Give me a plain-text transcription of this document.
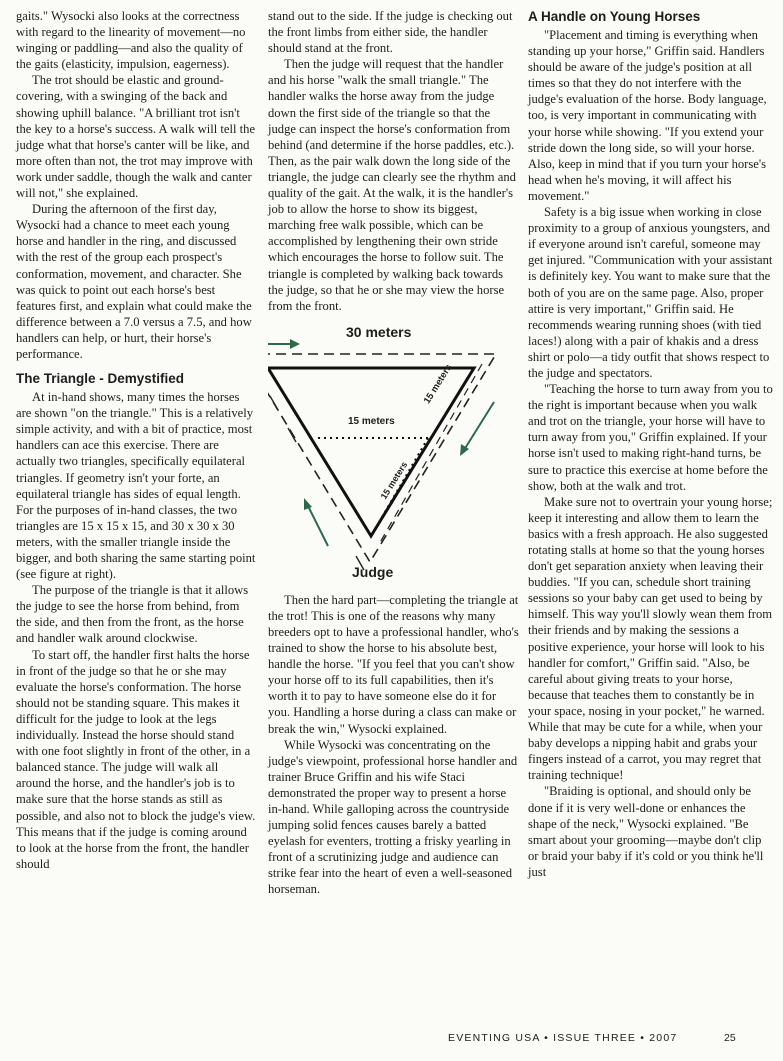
gaits." Wysocki also looks at the correctness with regard to the linearity of movement—no winging or paddling—and also the quality of the gaits (elasticity, impulsion, eagerness).

The trot should be elastic and ground-covering, with a swinging of the back and showing uphill balance. "A brilliant trot isn't the key to a horse's success. A walk will tell the judge what that horse's canter will be like, and more often than not, the trot may improve with work under saddle, though the walk and canter will not," she explained.

During the afternoon of the first day, Wysocki had a chance to meet each young horse and handler in the ring, and discussed with the rest of the group each prospect's conformation, movement, and character. She was quick to point out each horse's best features first, and explain what could make the difference between a 7.0 versus a 7.5, and how handlers can help, or hurt, their horse's performance.

The Triangle - Demystified

At in-hand shows, many times the horses are shown "on the triangle." This is a relatively simple activity, and with a bit of practice, most handlers can ace this exercise. There are actually two triangles, specifically equilateral triangles. If geometry isn't your forte, an equilateral triangle has sides of equal length. For the purposes of in-hand classes, the two triangles are 15 x 15 x 15, and 30 x 30 x 30 meters, with the smaller triangle inside the bigger, and both sharing the same starting point (see figure at right).

The purpose of the triangle is that it allows the judge to see the horse from behind, from the side, and then from the front, as the horse and handler walk around clockwise.

To start off, the handler first halts the horse in front of the judge so that he or she may evaluate the horse's conformation. The horse should not be standing square. This makes it difficult for the judge to look at the legs individually. Instead the horse should stand with one foot slightly in front of the other, in a balanced stance. The judge will walk all around the horse, and the handler's job is to make sure that the horse stands as still as possible, and also not to block the judge's view. This means that if the judge is coming around to look at the horse from the front, the handler should

stand out to the side. If the judge is checking out the front limbs from either side, the handler should stand at the front.

Then the judge will request that the handler and his horse "walk the small triangle." The handler walks the horse away from the judge down the first side of the triangle so that the judge can inspect the horse's conformation from behind (and determine if the horse paddles, etc.). Then, as the pair walk down the long side of the triangle, the judge can clearly see the rhythm and quality of the gait. At the walk, it is the handler's job to allow the horse to show its biggest, marching free walk possible, which can be accomplished by lengthening their own stride which encourages the horse to follow suit. The triangle is completed by walking back towards the judge, so that he or she may view the horse from the front.

30 meters
15 meters
15 meters
15 meters
Judge

Then the hard part—completing the triangle at the trot! This is one of the reasons why many breeders opt to have a professional handler, who's trained to show the horse to his absolute best, handle the horse. "If you feel that you can't show your horse off to its full capabilities, then it's worth it to pay to have someone else do it for you. Handling a horse during a class can make or break the win," Wysocki explained.

While Wysocki was concentrating on the judge's viewpoint, professional horse handler and trainer Bruce Griffin and his wife Staci demonstrated the proper way to present a horse in-hand. While galloping across the countryside jumping solid fences causes barely a batted eyelash for eventers, trotting a frisky yearling in front of a scrutinizing judge and audience can strike fear into the heart of even a well-seasoned horseman.

A Handle on Young Horses

"Placement and timing is everything when standing up your horse," Griffin said. Handlers should be aware of the judge's position at all times so that they do not interfere with the judge's evaluation of the horse. Body language, too, is very important in communicating with your horse while showing. "If you extend your stride down the long side, so will your horse. Also, keep in mind that if you turn your horse's head when he's moving, it will affect his movement."

Safety is a big issue when working in close proximity to a group of anxious youngsters, and if everyone around isn't careful, someone may get injured. "Communication with your assistant is definitely key. You want to make sure that the both of you are on the same page. Also, proper attire is very important," Griffin said. He recommends wearing running shoes (with tied laces!) along with a pair of khakis and a dress shirt or polo—a tidy outfit that shows respect to the judge and spectators.

"Teaching the horse to turn away from you to the right is important because when you walk and trot on the triangle, your horse will have to turn away from you," Griffin explained. If your horse isn't used to making right-hand turns, be sure to practice this exercise at home before the show, both at the walk and trot.

Make sure not to overtrain your young horse; keep it interesting and allow them to learn the basics with a fresh approach. He also suggested rotating stalls at home so that the young horses don't get separation anxiety when leaving their buddies. "If you can, schedule short training sessions so your baby can get used to being by himself. This way you'll slowly wean them from their friends and by making the sessions a positive experience, your horse will look to his handler for comfort," Griffin said. "Also, be careful about giving treats to your horse, because that teaches them to constantly be in your space, nosing in your pocket," he warned. While that may be cute for a while, when your baby develops a nipping habit and grabs your fingers instead of a carrot, you may regret that training technique!

"Braiding is optional, and should only be done if it is very well-done or enhances the shape of the neck," Wysocki explained. "Be smart about your grooming—maybe don't clip or braid your baby if it's cold or you think he'll just

EVENTING USA • ISSUE THREE • 2007	25
